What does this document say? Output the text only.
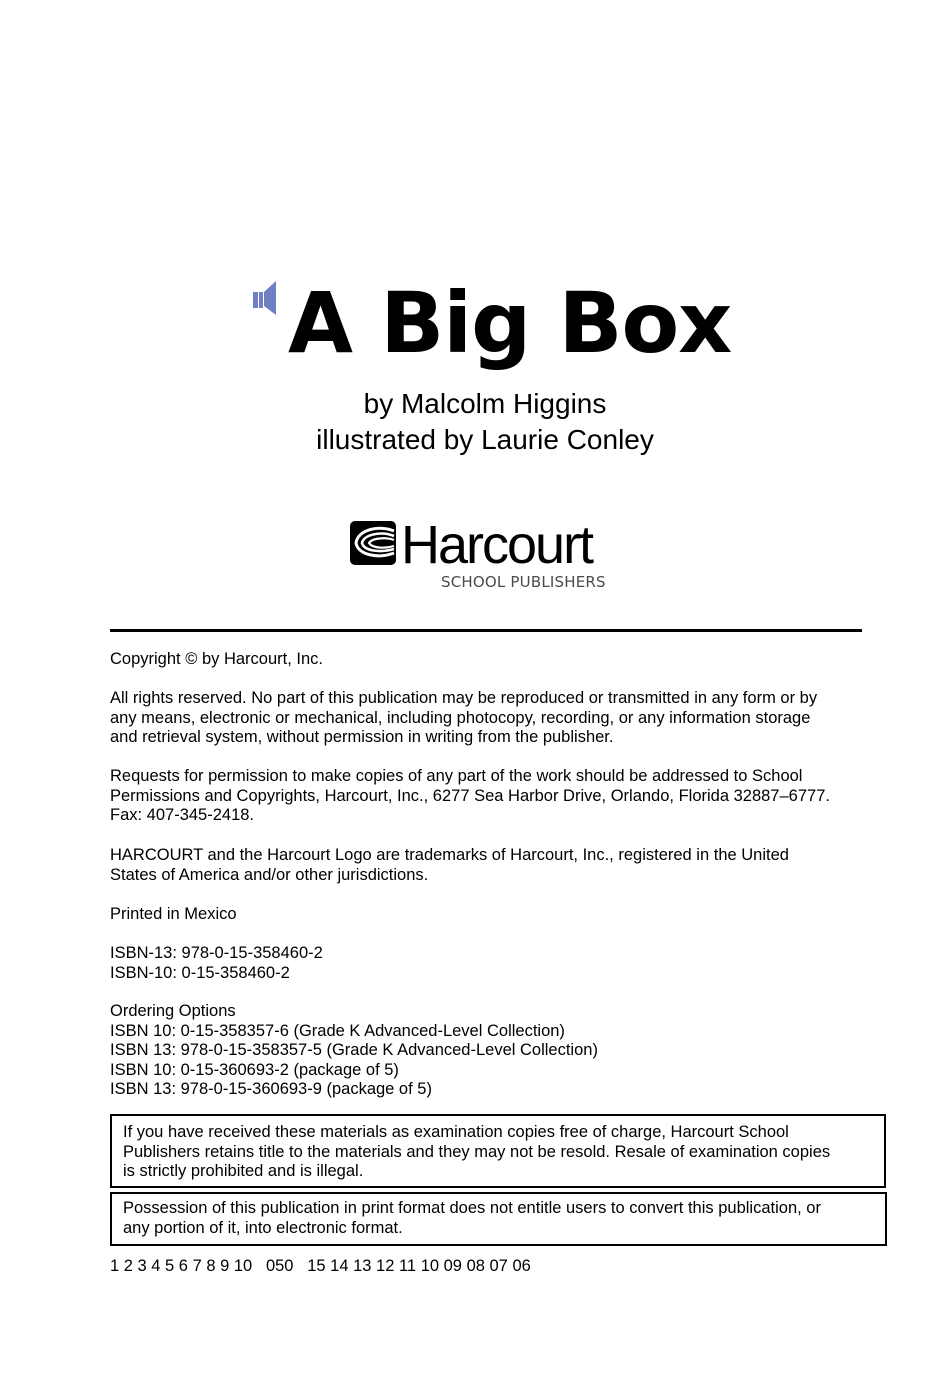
A Big Box
by Malcolm Higgins
illustrated by Laurie Conley
Harcourt
SCHOOL PUBLISHERS

Copyright © by Harcourt, Inc.

All rights reserved. No part of this publication may be reproduced or transmitted in any form or by
any means, electronic or mechanical, including photocopy, recording, or any information storage
and retrieval system, without permission in writing from the publisher.

Requests for permission to make copies of any part of the work should be addressed to School
Permissions and Copyrights, Harcourt, Inc., 6277 Sea Harbor Drive, Orlando, Florida 32887–6777.
Fax: 407-345-2418.

HARCOURT and the Harcourt Logo are trademarks of Harcourt, Inc., registered in the United
States of America and/or other jurisdictions.

Printed in Mexico

ISBN-13: 978-0-15-358460-2
ISBN-10: 0-15-358460-2

Ordering Options
ISBN 10: 0-15-358357-6 (Grade K Advanced-Level Collection)
ISBN 13: 978-0-15-358357-5 (Grade K Advanced-Level Collection)
ISBN 10: 0-15-360693-2 (package of 5)
ISBN 13: 978-0-15-360693-9 (package of 5)

If you have received these materials as examination copies free of charge, Harcourt School
Publishers retains title to the materials and they may not be resold. Resale of examination copies
is strictly prohibited and is illegal.
Possession of this publication in print format does not entitle users to convert this publication, or
any portion of it, into electronic format.
1 2 3 4 5 6 7 8 9 10   050   15 14 13 12 11 10 09 08 07 06
